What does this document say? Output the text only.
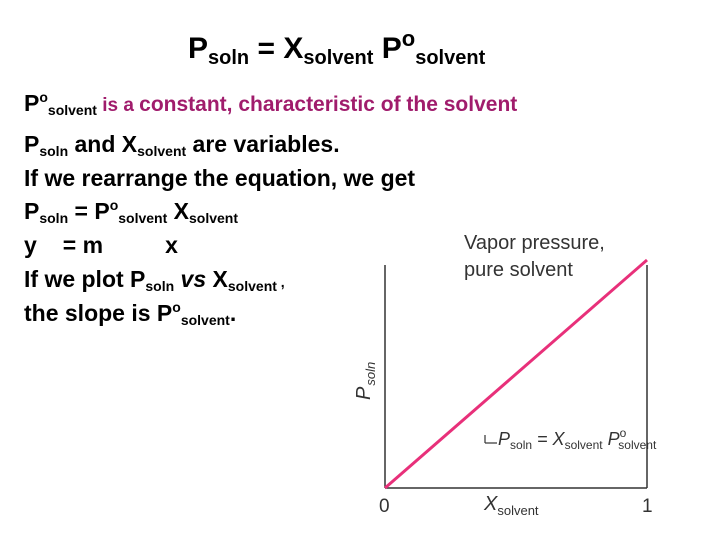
$P_{soln} = X_{solvent}$ $P^o_{solvent}$
$P^o_{solvent}$ is a constant, characteristic of the solvent
$P_{soln}$ and $X_{solvent}$ are variables.
If we rearrange the equation, we get
$P_{soln} = P^o_{solvent}$ $X_{solvent}$
y = m	x
If we plot $P_{soln}$ vs $X_{solvent}$ ,
the slope is $P^o_{solvent}$.
Vapor pressure,
pure solvent
$P_{soln}$
$P_{soln} = X_{solvent}$ $P^o$ solvent
0	1
$X_{solvent}$
